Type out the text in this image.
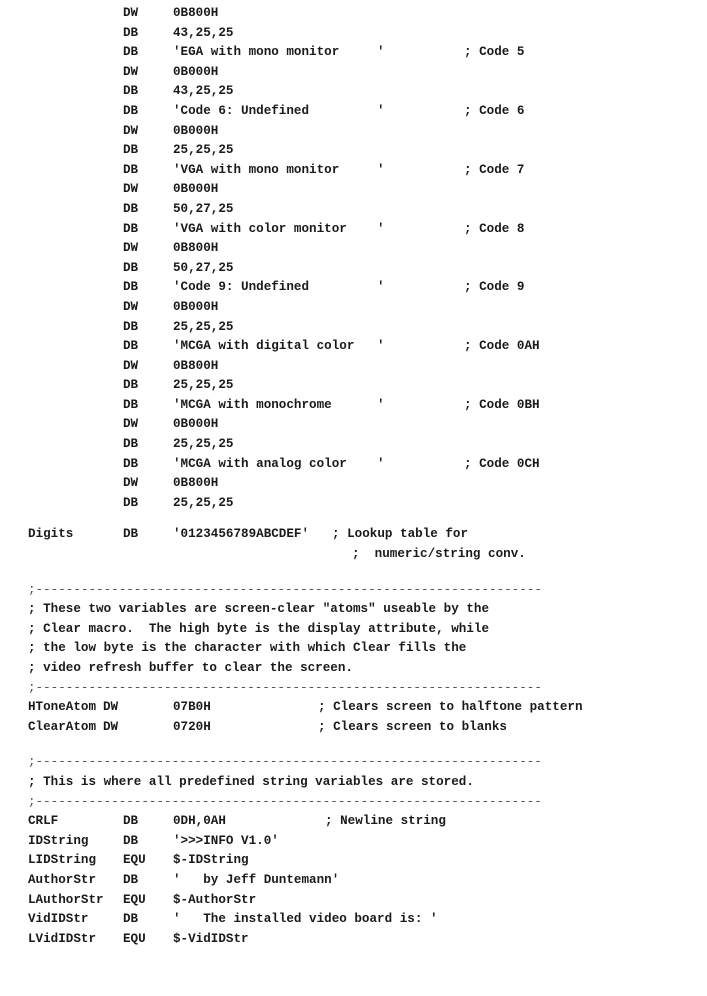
DW	0B800H
DB	43,25,25
DB	'EGA with mono monitor     '	; Code 5
DW	0B000H
DB	43,25,25
DB	'Code 6: Undefined         '	; Code 6
DW	0B000H
DB	25,25,25
DB	'VGA with mono monitor     '	; Code 7
DW	0B000H
DB	50,27,25
DB	'VGA with color monitor    '	; Code 8
DW	0B800H
DB	50,27,25
DB	'Code 9: Undefined         '	; Code 9
DW	0B000H
DB	25,25,25
DB	'MCGA with digital color   '	; Code 0AH
DW	0B800H
DB	25,25,25
DB	'MCGA with monochrome      '	; Code 0BH
DW	0B000H
DB	25,25,25
DB	'MCGA with analog color    '	; Code 0CH
DW	0B800H
DB	25,25,25
Digits	DB	'0123456789ABCDEF' ; Lookup table for
;  numeric/string conv.
;-------------------------------------------------------------------
; These two variables are screen-clear "atoms" useable by the
; Clear macro.  The high byte is the display attribute, while
; the low byte is the character with which Clear fills the
; video refresh buffer to clear the screen.
;-------------------------------------------------------------------
HToneAtom DW	07B0H	; Clears screen to halftone pattern
ClearAtom DW	0720H	; Clears screen to blanks
;-------------------------------------------------------------------
; This is where all predefined string variables are stored.
;-------------------------------------------------------------------
CRLF	DB	0DH,0AH	; Newline string
IDString	DB	'>>>INFO V1.0'
LIDString EQU $-IDString
AuthorStr DB	'   by Jeff Duntemann'
LAuthorStr EQU $-AuthorStr
VidIDStr	DB	'   The installed video board is: '
LVidIDStr EQU $-VidIDStr
